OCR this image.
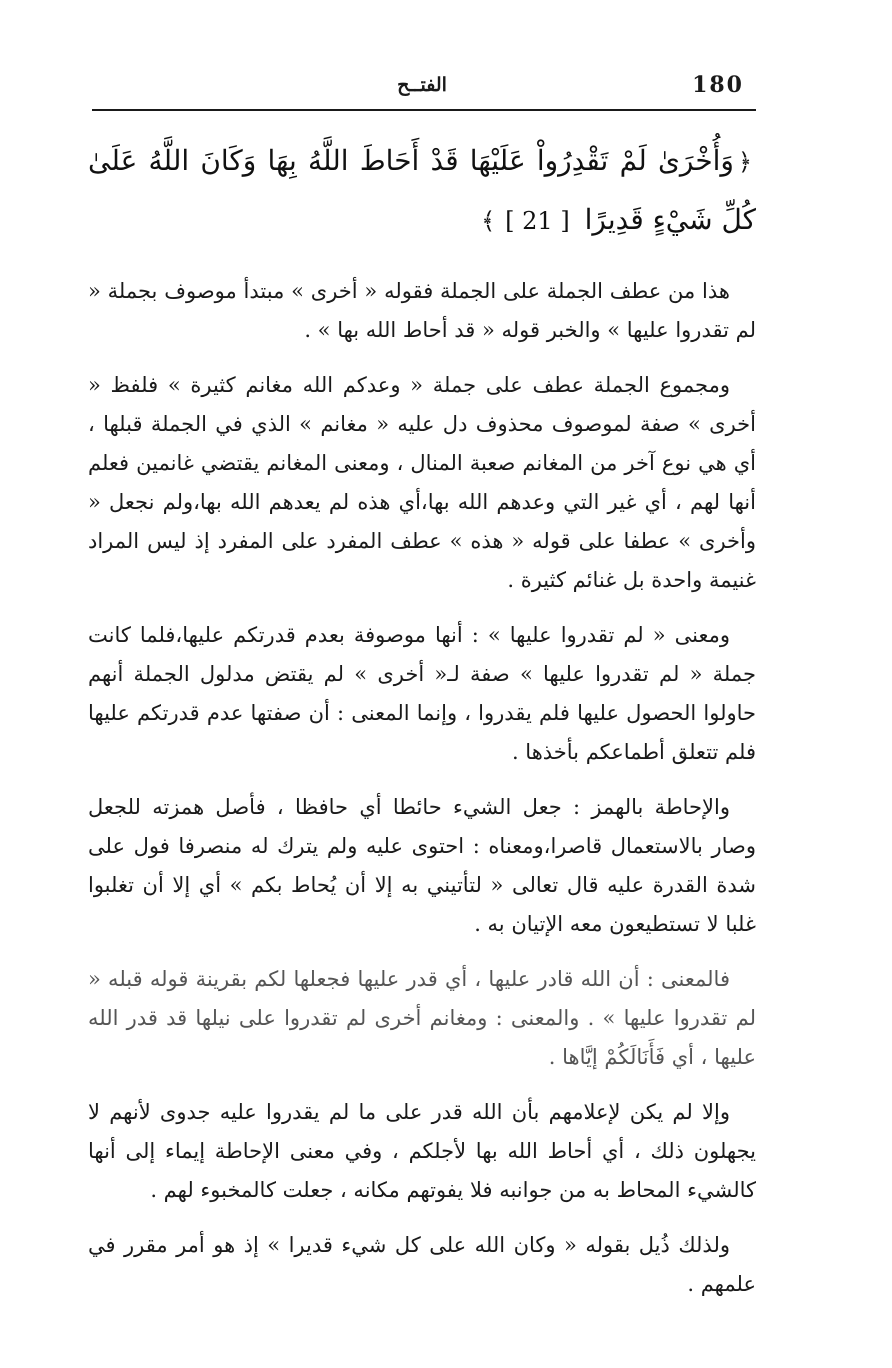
180
الفتــح

﴿وَأُخْرَىٰ لَمْ تَقْدِرُواْ عَلَيْهَا قَدْ أَحَاطَ اللَّهُ بِهَا وَكَانَ اللَّهُ عَلَىٰ كُلِّ شَيْءٍ قَدِيرًا [ 21 ]﴾

هذا من عطف الجملة على الجملة فقوله « أخرى » مبتدأ موصوف بجملة « لم تقدروا عليها » والخبر قوله « قد أحاط الله بها » .

ومجموع الجملة عطف على جملة « وعدكم الله مغانم كثيرة » فلفظ « أخرى » صفة لموصوف محذوف دل عليه « مغانم » الذي في الجملة قبلها ، أي هي نوع آخر من المغانم صعبة المنال ، ومعنى المغانم يقتضي غانمين فعلم أنها لهم ، أي غير التي وعدهم الله بها،أي هذه لم يعدهم الله بها،ولم نجعل « وأخرى » عطفا على قوله « هذه » عطف المفرد على المفرد إذ ليس المراد غنيمة واحدة بل غنائم كثيرة .

ومعنى « لم تقدروا عليها » : أنها موصوفة بعدم قدرتكم عليها،فلما كانت جملة « لم تقدروا عليها » صفة لـ« أخرى » لم يقتض مدلول الجملة أنهم حاولوا الحصول عليها فلم يقدروا ، وإنما المعنى : أن صفتها عدم قدرتكم عليها فلم تتعلق أطماعكم بأخذها .

والإحاطة بالهمز : جعل الشيء حائطا أي حافظا ، فأصل همزته للجعل وصار بالاستعمال قاصرا،ومعناه : احتوى عليه ولم يترك له منصرفا فول على شدة القدرة عليه قال تعالى « لتأتيني به إلا أن يُحاط بكم » أي إلا أن تغلبوا غلبا لا تستطيعون معه الإتيان به .

فالمعنى : أن الله قادر عليها ، أي قدر عليها فجعلها لكم بقرينة قوله قبله « لم تقدروا عليها » . والمعنى : ومغانم أخرى لم تقدروا على نيلها قد قدر الله عليها ، أي فَأَنَالَكُمْ إيَّاها .

وإلا لم يكن لإعلامهم بأن الله قدر على ما لم يقدروا عليه جدوى لأنهم لا يجهلون ذلك ، أي أحاط الله بها لأجلكم ، وفي معنى الإحاطة إيماء إلى أنها كالشيء المحاط به من جوانبه فلا يفوتهم مكانه ، جعلت كالمخبوء لهم .

ولذلك ذُيل بقوله « وكان الله على كل شيء قديرا » إذ هو أمر مقرر في علمهم .
